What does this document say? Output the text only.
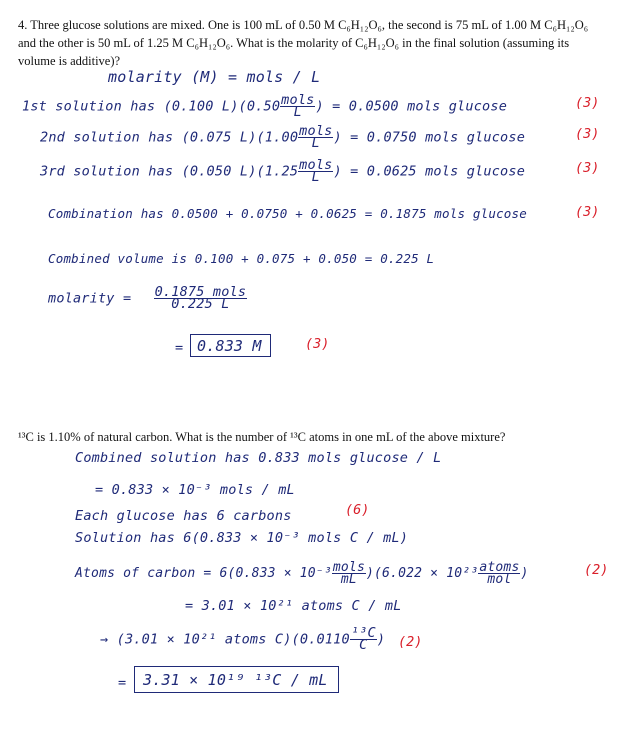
4. Three glucose solutions are mixed. One is 100 mL of 0.50 M C₆H₁₂O₆, the second is 75 mL of 1.00 M C₆H₁₂O₆ and the other is 50 mL of 1.25 M C₆H₁₂O₆. What is the molarity of C₆H₁₂O₆ in the final solution (assuming its volume is additive)?
molarity (M) = mols / L
1st solution has (0.100 $L)(0.50 \frac{\text{mols}}{L}$ ) = 0.0500 mols glucose	(3)
2nd solution has (0.075 $L)(1.00 \frac{\text{mols}}{L}$ ) = 0.0750 mols glucose	(3)
3rd solution has (0.050 $L)(1.25 \frac{\text{mols}}{L}$ ) = 0.0625 mols glucose	(3)
Combination has 0.0500 + 0.0750 + 0.0625 = 0.1875 mols glucose	(3)
Combined volume is 0.100 + 0.075 + 0.050 = 0.225 L
molarity = $\frac{\text{0.1875 mols}}{0.225 L}$
= 0.833 M	(3)
¹³C is 1.10% of natural carbon. What is the number of ¹³C atoms in one mL of the above mixture?
Combined solution has 0.833 mols glucose / L
= 0.833 × 10⁻³ mols / mL
Each glucose has 6 carbons	(6)
Solution has 6(0.833 × 10⁻³ mols C / mL)
Atoms of carbon = $6(0.833 \times 10^{-3} \frac{\text{mols}}{mL} )(6.022 \times 10^{23} \frac{\text{atoms}}{\text{mol}}$ )	(2)
= 3.01 × 10²¹ atoms C / mL
→ (3.01 × 10²¹ atoms $C)(0.0110 \frac{\text{¹³C}}{C}$ ) (2)
=	3.31 × 10¹⁹ ¹³C / mL
